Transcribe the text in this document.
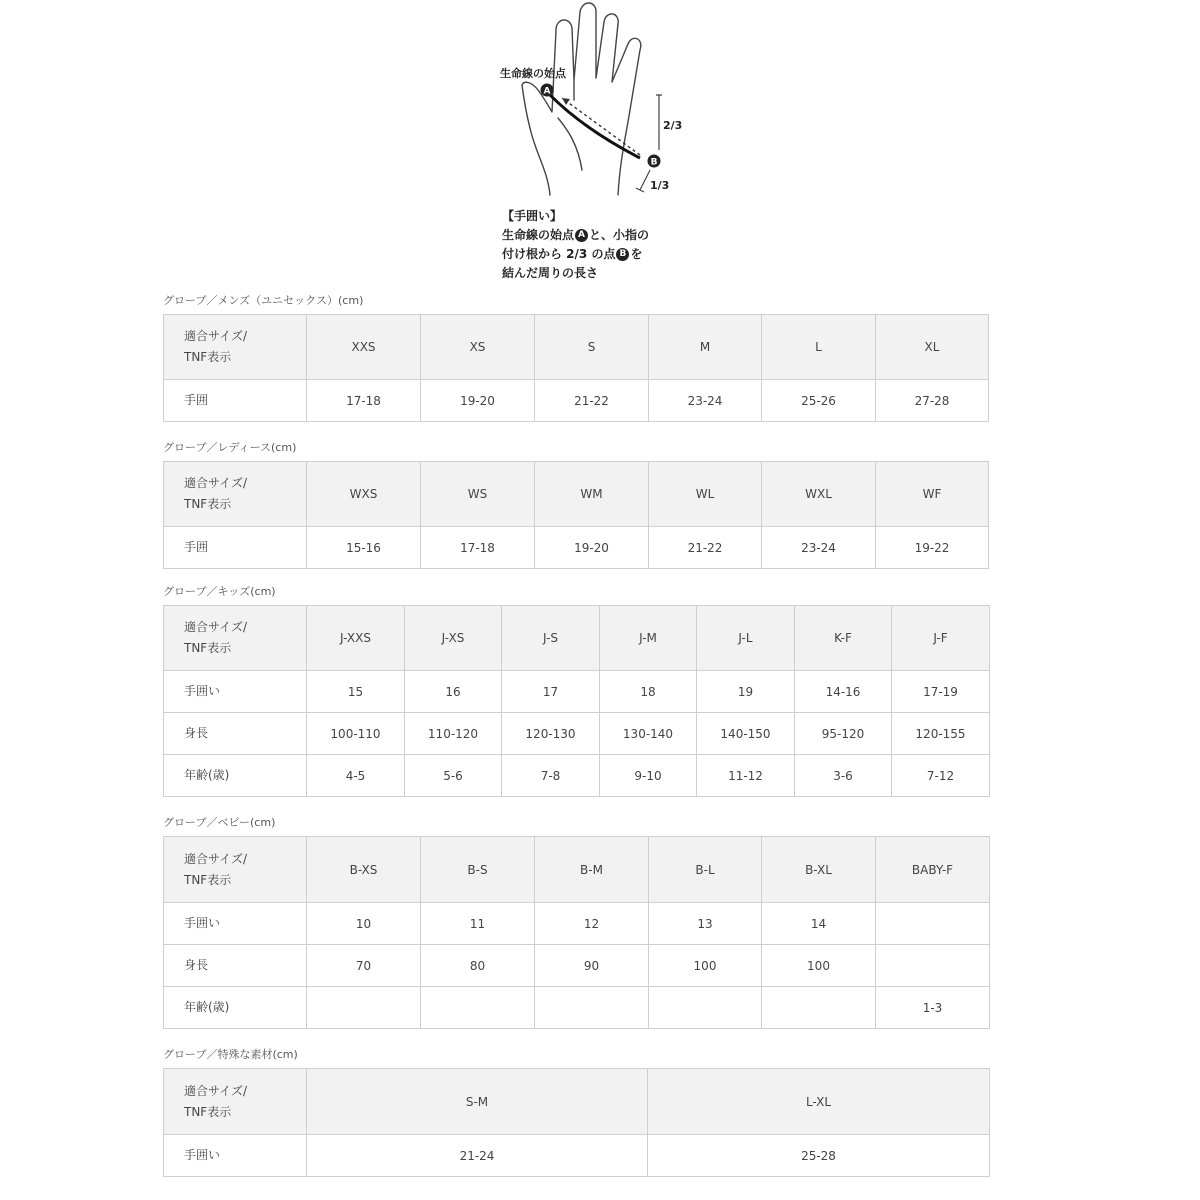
A
B
生命線の始点
2/3
1/3
【手囲い】
生命線の始点 A と、小指の
付け根から 2/3 の点 B を
結んだ周りの長さ
グローブ／メンズ（ユニセックス）(cm)
適合サイズ/
TNF表示	XXS	XS	S	M	L	XL
手囲	17-18	19-20	21-22	23-24	25-26	27-28
グローブ／レディース(cm)
適合サイズ/
TNF表示	WXS	WS	WM	WL	WXL	WF
手囲	15-16	17-18	19-20	21-22	23-24	19-22
グローブ／キッズ(cm)
適合サイズ/
TNF表示	J-XXS	J-XS	J-S	J-M	J-L	K-F	J-F
手囲い	15	16	17	18	19	14-16	17-19
身長	100-110	110-120	120-130	130-140	140-150	95-120	120-155
年齢(歳)	4-5	5-6	7-8	9-10	11-12	3-6	7-12
グローブ／ベビー(cm)
適合サイズ/
TNF表示	B-XS	B-S	B-M	B-L	B-XL	BABY-F
手囲い	10	11	12	13	14	
身長	70	80	90	100	100	
年齢(歳)						1-3
グローブ／特殊な素材(cm)
適合サイズ/
TNF表示	S-M	L-XL
手囲い	21-24	25-28
